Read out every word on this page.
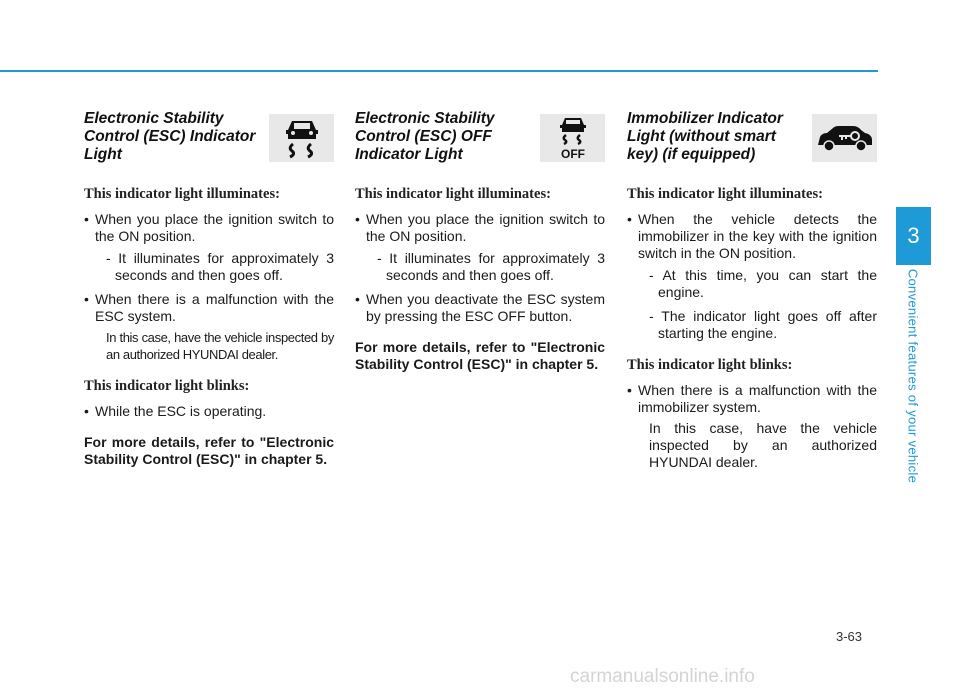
Electronic Stability Control (ESC) Indicator Light
This indicator light illuminates:
• When you place the ignition switch to the ON position.
- It illuminates for approximately 3 seconds and then goes off.
• When there is a malfunction with the ESC system.
In this case, have the vehicle inspected by an authorized HYUNDAI dealer.
This indicator light blinks:
• While the ESC is operating.
For more details, refer to "Electronic Stability Control (ESC)" in chapter 5.
Electronic Stability Control (ESC) OFF Indicator Light	OFF
This indicator light illuminates:
• When you place the ignition switch to the ON position.
- It illuminates for approximately 3 seconds and then goes off.
• When you deactivate the ESC system by pressing the ESC OFF button.
For more details, refer to "Electronic Stability Control (ESC)" in chapter 5.
Immobilizer Indicator Light (without smart key) (if equipped)
This indicator light illuminates:
• When the vehicle detects the immobilizer in the key with the ignition switch in the ON position.
- At this time, you can start the engine.
- The indicator light goes off after starting the engine.
This indicator light blinks:
• When there is a malfunction with the immobilizer system.
In this case, have the vehicle inspected by an authorized HYUNDAI dealer.
3
Convenient features of your vehicle
3-63
carmanualsonline.info
